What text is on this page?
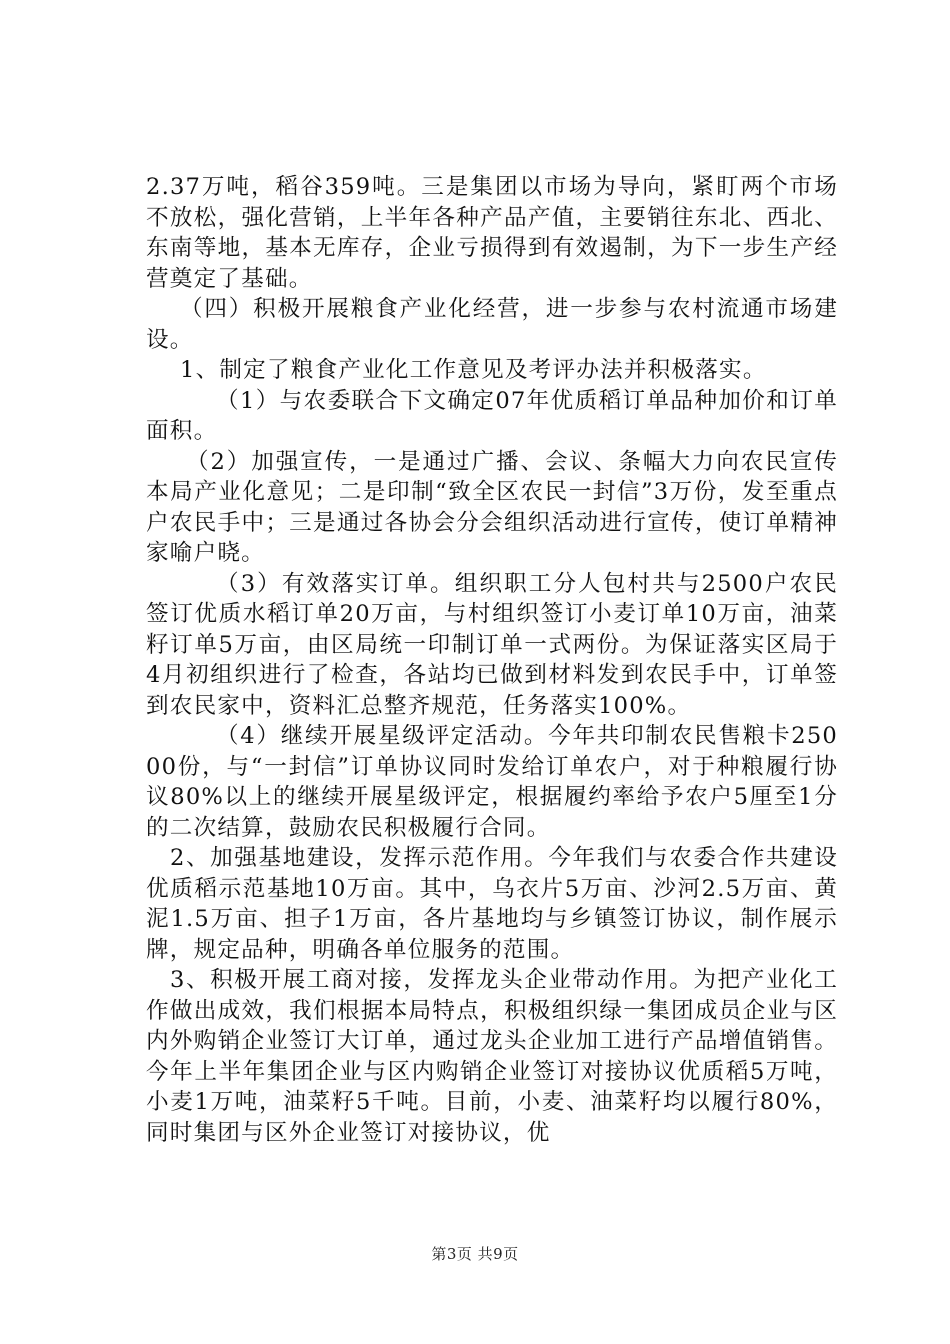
2.37万吨，稻谷359吨。三是集团以市场为导向，紧盯两个市场不放松，强化营销，上半年各种产品产值，主要销往东北、西北、东南等地，基本无库存，企业亏损得到有效遏制，为下一步生产经营奠定了基础。

（四）积极开展粮食产业化经营，进一步参与农村流通市场建设。

1、制定了粮食产业化工作意见及考评办法并积极落实。

（1）与农委联合下文确定07年优质稻订单品种加价和订单面积。

（2）加强宣传，一是通过广播、会议、条幅大力向农民宣传本局产业化意见；二是印制“致全区农民一封信”3万份，发至重点户农民手中；三是通过各协会分会组织活动进行宣传，使订单精神家喻户晓。

（3）有效落实订单。组织职工分人包村共与2500户农民签订优质水稻订单20万亩，与村组织签订小麦订单10万亩，油菜籽订单5万亩，由区局统一印制订单一式两份。为保证落实区局于4月初组织进行了检查，各站均已做到材料发到农民手中，订单签到农民家中，资料汇总整齐规范，任务落实100%。

（4）继续开展星级评定活动。今年共印制农民售粮卡25000份，与“一封信”订单协议同时发给订单农户，对于种粮履行协议80%以上的继续开展星级评定，根据履约率给予农户5厘至1分的二次结算，鼓励农民积极履行合同。

2、加强基地建设，发挥示范作用。今年我们与农委合作共建设优质稻示范基地10万亩。其中，乌衣片5万亩、沙河2.5万亩、黄泥1.5万亩、担子1万亩，各片基地均与乡镇签订协议，制作展示牌，规定品种，明确各单位服务的范围。

3、积极开展工商对接，发挥龙头企业带动作用。为把产业化工作做出成效，我们根据本局特点，积极组织绿一集团成员企业与区内外购销企业签订大订单，通过龙头企业加工进行产品增值销售。今年上半年集团企业与区内购销企业签订对接协议优质稻5万吨，小麦1万吨，油菜籽5千吨。目前，小麦、油菜籽均以履行80%，同时集团与区外企业签订对接协议，优

第3页 共9页
